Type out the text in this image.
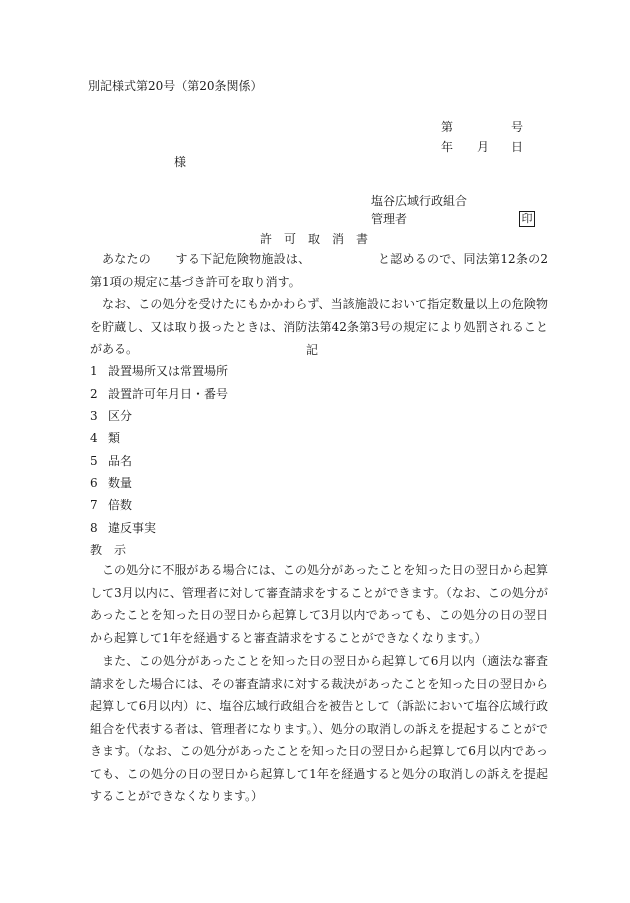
別記様式第20号（第20条関係）
第	号
年 月 日
様
塩谷広域行政組合
管理者	印
許　可　取　消　書
あなたの　　する下記危険物施設は、　　　　　　と認めるので、同法第12条の2第1項の規定に基づき許可を取り消す。
なお、この処分を受けたにもかかわらず、当該施設において指定数量以上の危険物を貯蔵し、又は取り扱ったときは、消防法第42条第3号の規定により処罰されることがある。	記
1 設置場所又は常置場所
2 設置許可年月日・番号
3 区分
4 類
5 品名
6 数量
7 倍数
8 違反事実
教　示
この処分に不服がある場合には、この処分があったことを知った日の翌日から起算して3月以内に、管理者に対して審査請求をすることができます。（なお、この処分があったことを知った日の翌日から起算して3月以内であっても、この処分の日の翌日から起算して1年を経過すると審査請求をすることができなくなります。）
また、この処分があったことを知った日の翌日から起算して6月以内（適法な審査請求をした場合には、その審査請求に対する裁決があったことを知った日の翌日から起算して6月以内）に、塩谷広域行政組合を被告として（訴訟において塩谷広域行政組合を代表する者は、管理者になります。）、処分の取消しの訴えを提起することができます。（なお、この処分があったことを知った日の翌日から起算して6月以内であっても、この処分の日の翌日から起算して1年を経過すると処分の取消しの訴えを提起することができなくなります。）
